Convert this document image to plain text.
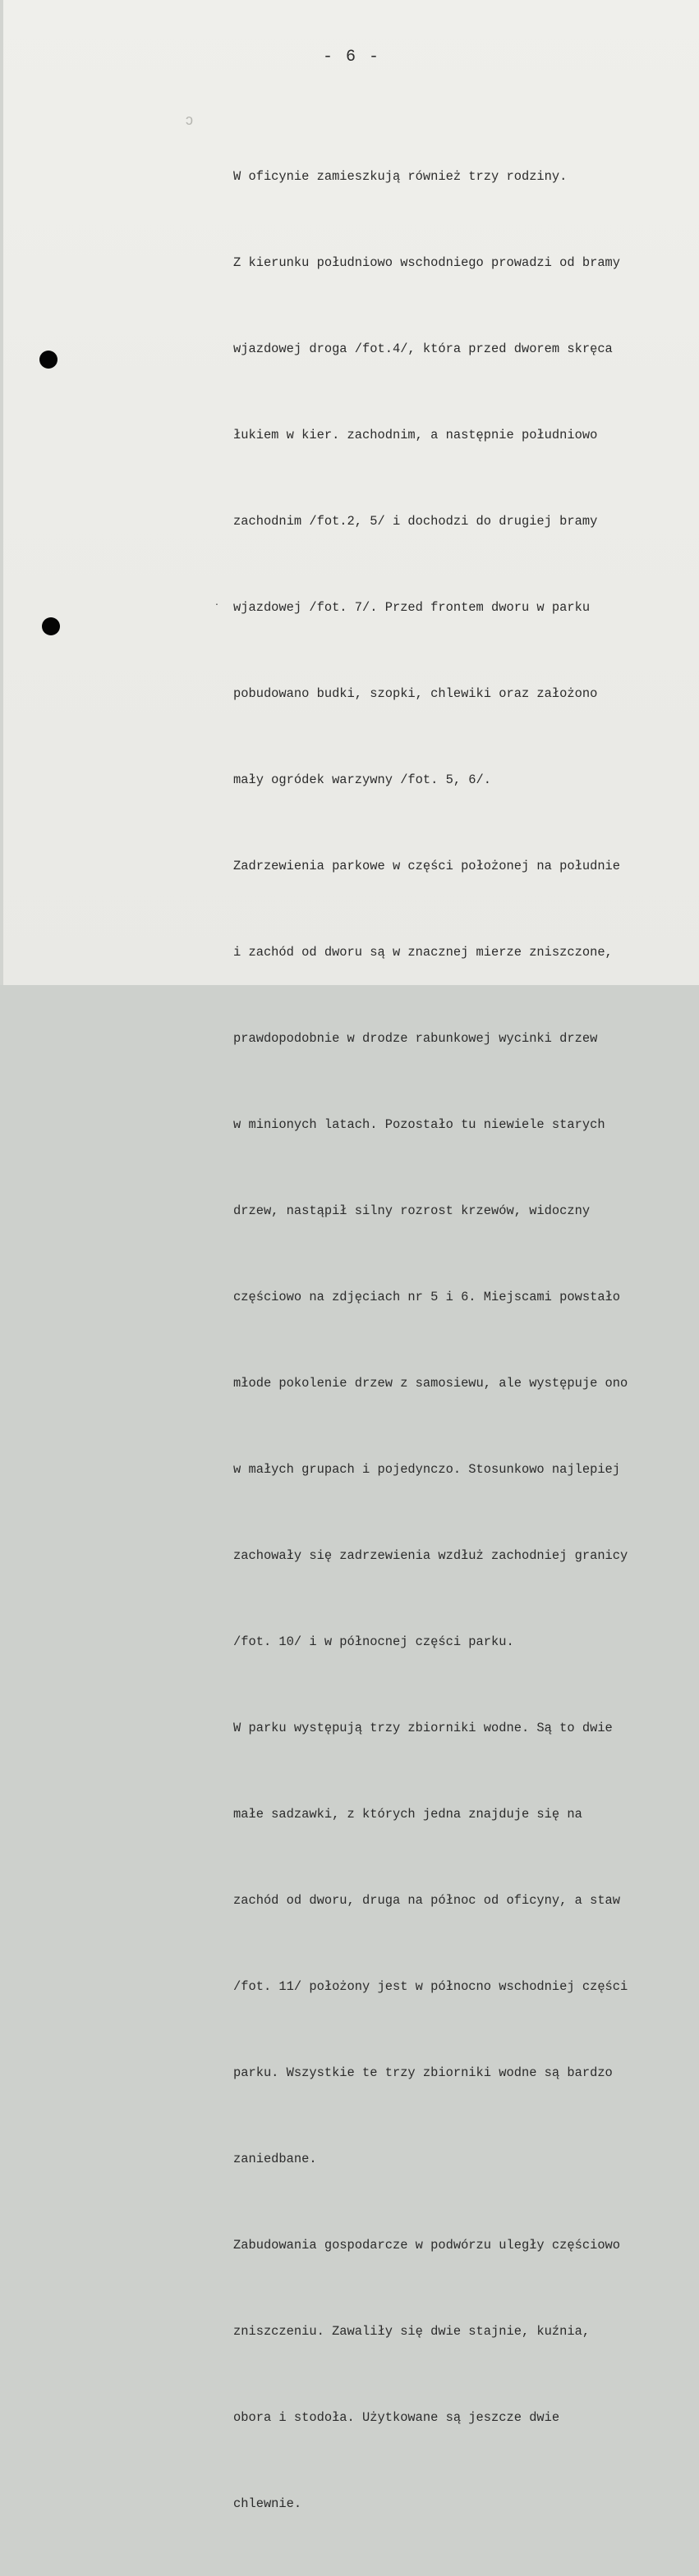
- 6 -
ↄ
.

W oficynie zamieszkują również trzy rodziny.

Z kierunku południowo wschodniego prowadzi od bramy

wjazdowej droga /fot.4/, która przed dworem skręca

łukiem w kier. zachodnim, a następnie południowo

zachodnim /fot.2, 5/ i dochodzi do drugiej bramy

wjazdowej /fot. 7/. Przed frontem dworu w parku

pobudowano budki, szopki, chlewiki oraz założono

mały ogródek warzywny /fot. 5, 6/.

Zadrzewienia parkowe w części położonej na południe

i zachód od dworu są w znacznej mierze zniszczone,

prawdopodobnie w drodze rabunkowej wycinki drzew

w minionych latach. Pozostało tu niewiele starych

drzew, nastąpił silny rozrost krzewów, widoczny

częściowo na zdjęciach nr 5 i 6. Miejscami powstało

młode pokolenie drzew z samosiewu, ale występuje ono

w małych grupach i pojedynczo. Stosunkowo najlepiej

zachowały się zadrzewienia wzdłuż zachodniej granicy

/fot. 10/ i w północnej części parku.

W parku występują trzy zbiorniki wodne. Są to dwie

małe sadzawki, z których jedna znajduje się na

zachód od dworu, druga na północ od oficyny, a staw

/fot. 11/ położony jest w północno wschodniej części

parku. Wszystkie te trzy zbiorniki wodne są bardzo

zaniedbane.

Zabudowania gospodarcze w podwórzu uległy częściowo

zniszczeniu. Zawaliły się dwie stajnie, kuźnia,

obora i stodoła. Użytkowane są jeszcze dwie

chlewnie.
